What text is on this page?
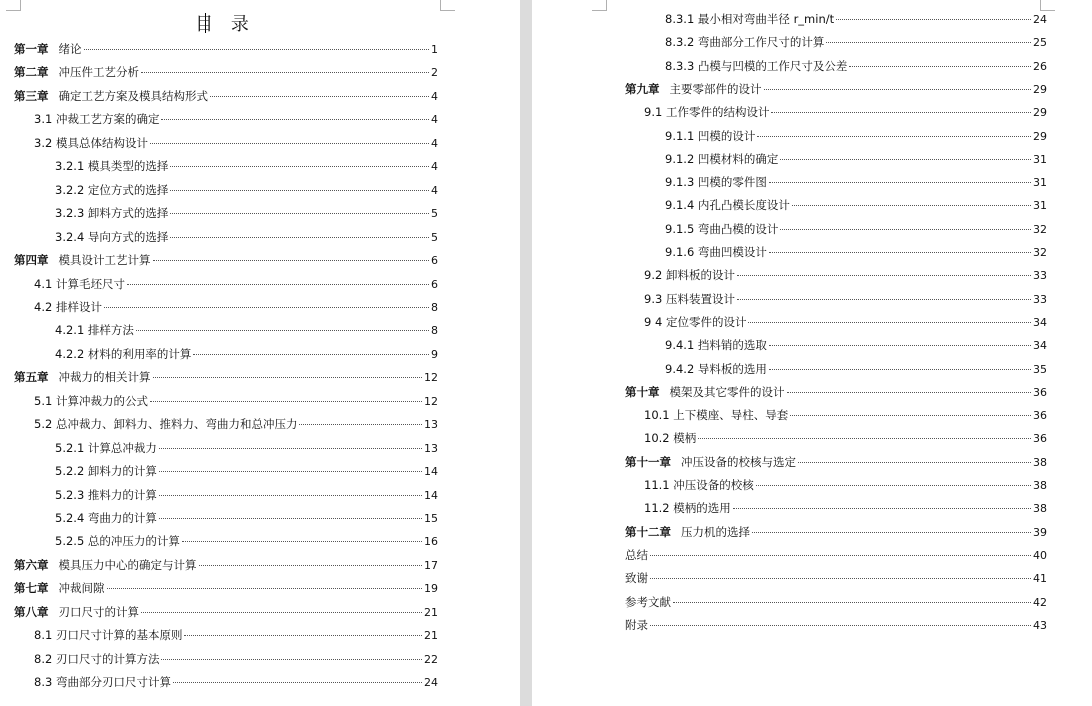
目 录
第一章 绪论	1
第二章 冲压件工艺分析	2
第三章 确定工艺方案及模具结构形式	4
3.1 冲裁工艺方案的确定	4
3.2 模具总体结构设计	4
3.2.1 模具类型的选择	4
3.2.2 定位方式的选择	4
3.2.3 卸料方式的选择	5
3.2.4 导向方式的选择	5
第四章 模具设计工艺计算	6
4.1 计算毛坯尺寸	6
4.2 排样设计	8
4.2.1 排样方法	8
4.2.2 材料的利用率的计算	9
第五章 冲裁力的相关计算	12
5.1 计算冲裁力的公式	12
5.2 总冲裁力、卸料力、推料力、弯曲力和总冲压力	13
5.2.1 计算总冲裁力	13
5.2.2 卸料力的计算	14
5.2.3 推料力的计算	14
5.2.4 弯曲力的计算	15
5.2.5 总的冲压力的计算	16
第六章 模具压力中心的确定与计算	17
第七章 冲裁间隙	19
第八章 刃口尺寸的计算	21
8.1 刃口尺寸计算的基本原则	21
8.2 刃口尺寸的计算方法	22
8.3 弯曲部分刃口尺寸计算	24
8.3.1 最小相对弯曲半径 r_min/t	24
8.3.2 弯曲部分工作尺寸的计算	25
8.3.3 凸模与凹模的工作尺寸及公差	26
第九章 主要零部件的设计	29
9.1 工作零件的结构设计	29
9.1.1 凹模的设计	29
9.1.2 凹模材料的确定	31
9.1.3 凹模的零件图	31
9.1.4 内孔凸模长度设计	31
9.1.5 弯曲凸模的设计	32
9.1.6 弯曲凹模设计	32
9.2 卸料板的设计	33
9.3 压料装置设计	33
9 4 定位零件的设计	34
9.4.1 挡料销的选取	34
9.4.2 导料板的选用	35
第十章 模架及其它零件的设计	36
10.1 上下模座、导柱、导套	36
10.2 模柄	36
第十一章 冲压设备的校核与选定	38
11.1 冲压设备的校核	38
11.2 模柄的选用	38
第十二章 压力机的选择	39
总结	40
致谢	41
参考文献	42
附录	43
